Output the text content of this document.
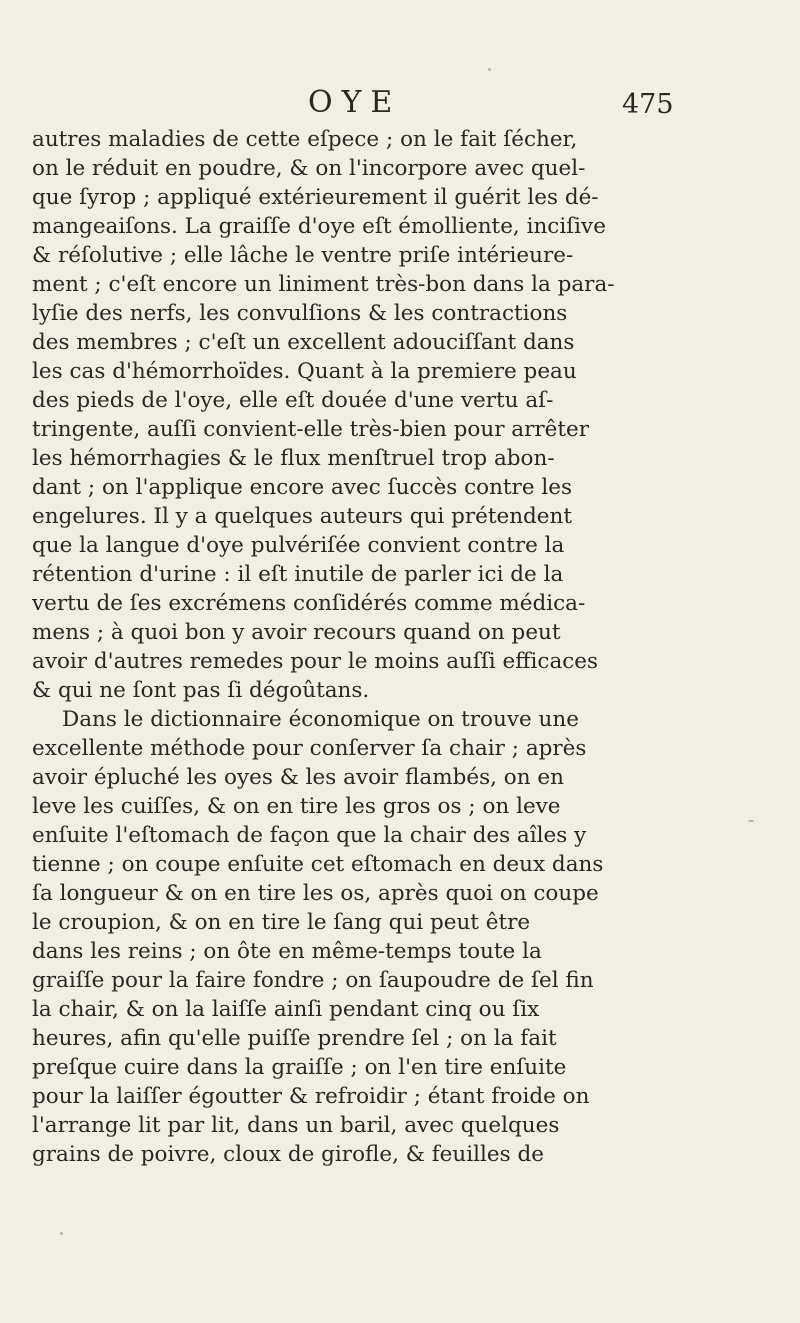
OYE	475
autres maladies de cette eſpece ; on le fait ſécher,
on le réduit en poudre, & on l'incorpore avec quel-
que ſyrop ; appliqué extérieurement il guérit les dé-
mangeaiſons. La graiſſe d'oye eſt émolliente, inciſive
& réſolutive ; elle lâche le ventre priſe intérieure-
ment ; c'eſt encore un liniment très-bon dans la para-
lyſie des nerfs, les convulſions & les contractions
des membres ; c'eſt un excellent adouciſſant dans
les cas d'hémorrhoïdes. Quant à la premiere peau
des pieds de l'oye, elle eſt douée d'une vertu aſ-
tringente, auſſi convient-elle très-bien pour arrêter
les hémorrhagies & le flux menſtruel trop abon-
dant ; on l'applique encore avec ſuccès contre les
engelures. Il y a quelques auteurs qui prétendent
que la langue d'oye pulvériſée convient contre la
rétention d'urine : il eſt inutile de parler ici de la
vertu de ſes excrémens conſidérés comme médica-
mens ; à quoi bon y avoir recours quand on peut
avoir d'autres remedes pour le moins auſſi efficaces
& qui ne ſont pas ſi dégoûtans.
Dans le dictionnaire économique on trouve une
excellente méthode pour conſerver ſa chair ; après
avoir épluché les oyes & les avoir flambés, on en
leve les cuiſſes, & on en tire les gros os ; on leve
enſuite l'eſtomach de façon que la chair des aîles y
tienne ; on coupe enſuite cet eſtomach en deux dans
ſa longueur & on en tire les os, après quoi on coupe
le croupion, & on en tire le ſang qui peut être
dans les reins ; on ôte en même-temps toute la
graiſſe pour la faire fondre ; on ſaupoudre de ſel fin
la chair, & on la laiſſe ainſi pendant cinq ou ſix
heures, afin qu'elle puiſſe prendre ſel ; on la fait
preſque cuire dans la graiſſe ; on l'en tire enſuite
pour la laiſſer égoutter & refroidir ; étant froide on
l'arrange lit par lit, dans un baril, avec quelques
grains de poivre, cloux de girofle, & feuilles de
